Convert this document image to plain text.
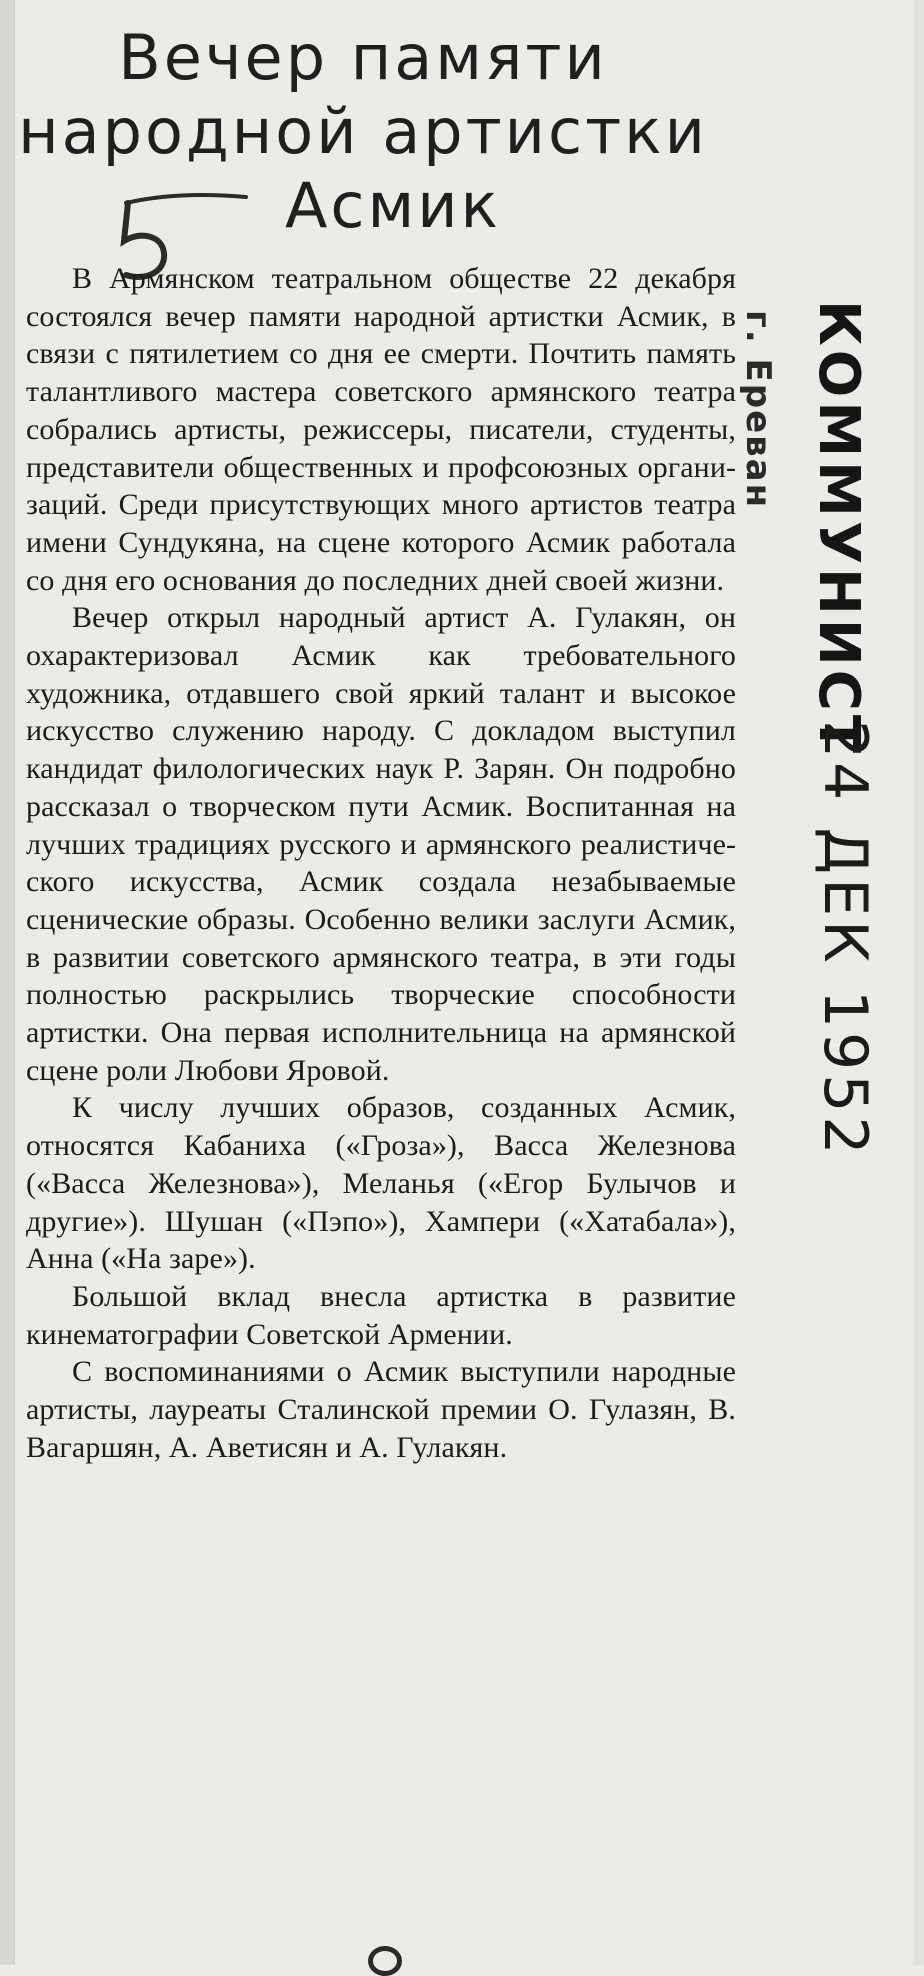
Вечер памяти
народной артистки
Асмик

В Армянском театральном обществе 22 декабря состоялся вечер памяти народной артистки Асмик, в связи с пятилетием со дня ее смерти. Почтить память талантливого мастера советского армянского театра собрались артисты, режиссеры, писатели, студенты, представители общественных и профсоюзных организаций. Среди присутствующих много артистов театра имени Сундукяна, на сцене которого Асмик работала со дня его основания до последних дней своей жизни.

Вечер открыл народный артист А. Гулакян, он охарактеризовал Асмик как требовательного художника, отдавшего свой яркий талант и высокое искусство служению народу. С докладом выступил кандидат филологических наук Р. Зарян. Он подробно рассказал о творческом пути Асмик. Воспитанная на лучших традициях русского и армянского реалистического искусства, Асмик создала незабываемые сценические образы. Особенно велики заслуги Асмик, в развитии советского армянского театра, в эти годы полностью раскрылись творческие способности артистки. Она первая исполнительница на армянской сцене роли Любови Яровой.

К числу лучших образов, созданных Асмик, относятся Кабаниха («Гроза»), Васса Железнова («Васса Железнова»), Меланья («Егор Булычов и другие»). Шушан («Пэпо»), Хампери («Хатабала»), Анна («На заре»).

Большой вклад внесла артистка в развитие кинематографии Советской Армении.

С воспоминаниями о Асмик выступили народные артисты, лауреаты Сталинской премии О. Гулазян, В. Вагаршян, А. Аветисян и А. Гулакян.

г. Ереван КОММУНИСТ
24 ДЕК 1952
